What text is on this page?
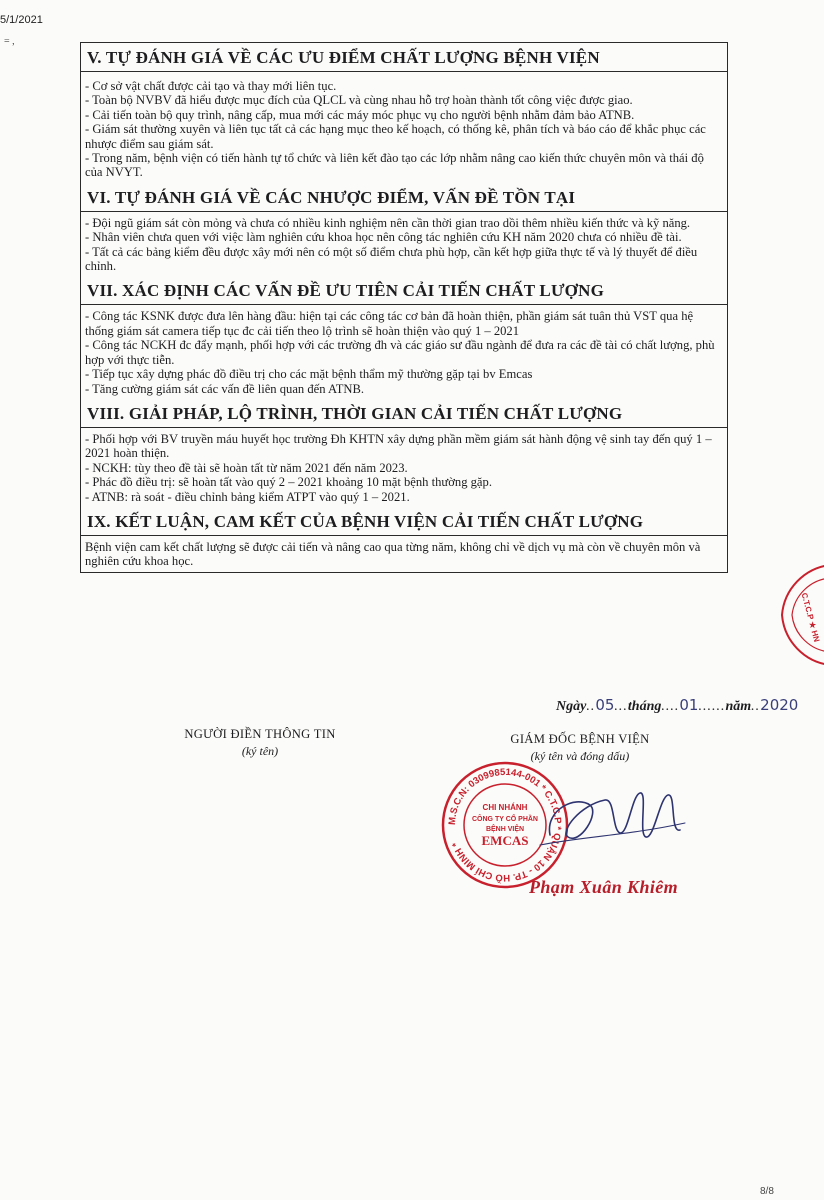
5/1/2021
= ,
V. TỰ ĐÁNH GIÁ VỀ CÁC ƯU ĐIỂM CHẤT LƯỢNG BỆNH VIỆN

- Cơ sở vật chất được cải tạo và thay mới liên tục.

- Toàn bộ NVBV đã hiểu được mục đích của QLCL và cùng nhau hỗ trợ hoàn thành tốt công việc được giao.

- Cải tiến toàn bộ quy trình, nâng cấp, mua mới các máy móc phục vụ cho người bệnh nhằm đảm bảo ATNB.

- Giám sát thường xuyên và liên tục tất cả các hạng mục theo kế hoạch, có thống kê, phân tích và báo cáo để khắc phục các nhược điểm sau giám sát.

- Trong năm, bệnh viện có tiến hành tự tổ chức và liên kết đào tạo các lớp nhằm nâng cao kiến thức chuyên môn và thái độ của NVYT.

VI. TỰ ĐÁNH GIÁ VỀ CÁC NHƯỢC ĐIỂM, VẤN ĐỀ TỒN TẠI

- Đội ngũ giám sát còn mỏng và chưa có nhiều kinh nghiệm nên cần thời gian trao dồi thêm nhiều kiến thức và kỹ năng.

- Nhân viên chưa quen với việc làm nghiên cứu khoa học nên công tác nghiên cứu KH năm 2020 chưa có nhiều đề tài.

- Tất cả các bảng kiểm đều được xây mới nên có một số điểm chưa phù hợp, cần kết hợp giữa thực tế và lý thuyết để điều chỉnh.

VII. XÁC ĐỊNH CÁC VẤN ĐỀ ƯU TIÊN CẢI TIẾN CHẤT LƯỢNG

- Công tác KSNK được đưa lên hàng đầu: hiện tại các công tác cơ bản đã hoàn thiện, phần giám sát tuân thủ VST qua hệ thống giám sát camera tiếp tục đc cải tiến theo lộ trình sẽ hoàn thiện vào quý 1 – 2021

- Công tác NCKH đc đẩy mạnh, phối hợp với các trường đh và các giáo sư đầu ngành để đưa ra các đề tài có chất lượng, phù hợp với thực tiễn.

- Tiếp tục xây dựng phác đồ điều trị cho các mặt bệnh thẩm mỹ thường gặp tại bv Emcas

- Tăng cường giám sát các vấn đề liên quan đến ATNB.

VIII. GIẢI PHÁP, LỘ TRÌNH, THỜI GIAN CẢI TIẾN CHẤT LƯỢNG

- Phối hợp với BV truyền máu huyết học trường Đh KHTN xây dựng phần mềm giám sát hành động vệ sinh tay đến quý 1 – 2021 hoàn thiện.

- NCKH: tùy theo đề tài sẽ hoàn tất từ năm 2021 đến năm 2023.

- Phác đồ điều trị: sẽ hoàn tất vào quý 2 – 2021 khoảng 10 mặt bệnh thường gặp.

- ATNB: rà soát - điều chỉnh bảng kiểm ATPT vào quý 1 – 2021.

IX. KẾT LUẬN, CAM KẾT CỦA BỆNH VIỆN CẢI TIẾN CHẤT LƯỢNG

Bệnh viện cam kết chất lượng sẽ được cải tiến và nâng cao qua từng năm, không chỉ về dịch vụ mà còn về chuyên môn và nghiên cứu khoa học.

Ngày..05...tháng....01......năm..2020
NGƯỜI ĐIỀN THÔNG TIN
(ký tên)
GIÁM ĐỐC BỆNH VIỆN
(ký tên và đóng dấu)
M.S.C.N: 0309985144-001 * C.T.C.P * QUẬN 10 - TP. HỒ CHÍ MINH *
CHI NHÁNH
CÔNG TY CỔ PHẦN
BỆNH VIỆN
EMCAS
Phạm Xuân Khiêm
C.T.C.P ★ HN
8/8
